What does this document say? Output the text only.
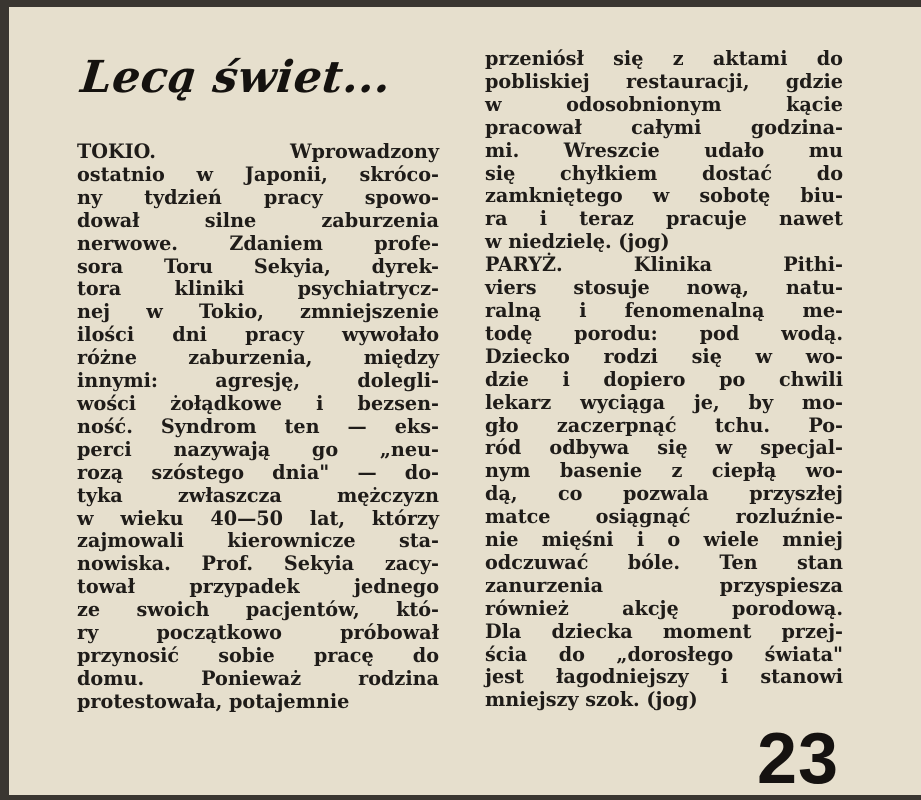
Lecą świet...
TOKIO. Wprowadzony
ostatnio w Japonii, skróco-
ny tydzień pracy spowo-
dował silne zaburzenia
nerwowe. Zdaniem profe-
sora Toru Sekyia, dyrek-
tora kliniki psychiatrycz-
nej w Tokio, zmniejszenie
ilości dni pracy wywołało
różne zaburzenia, między
innymi: agresję, dolegli-
wości żołądkowe i bezsen-
ność. Syndrom ten — eks-
perci nazywają go „neu-
rozą szóstego dnia" — do-
tyka zwłaszcza mężczyzn
w wieku 40—50 lat, którzy
zajmowali kierownicze sta-
nowiska. Prof. Sekyia zacy-
tował przypadek jednego
ze swoich pacjentów, któ-
ry początkowo próbował
przynosić sobie pracę do
domu. Ponieważ rodzina
protestowała, potajemnie
przeniósł się z aktami do
pobliskiej restauracji, gdzie
w odosobnionym kącie
pracował całymi godzina-
mi. Wreszcie udało mu
się chyłkiem dostać do
zamkniętego w sobotę biu-
ra i teraz pracuje nawet
w niedzielę. (jog)
PARYŻ. Klinika Pithi-
viers stosuje nową, natu-
ralną i fenomenalną me-
todę porodu: pod wodą.
Dziecko rodzi się w wo-
dzie i dopiero po chwili
lekarz wyciąga je, by mo-
gło zaczerpnąć tchu. Po-
ród odbywa się w specjal-
nym basenie z ciepłą wo-
dą, co pozwala przyszłej
matce osiągnąć rozluźnie-
nie mięśni i o wiele mniej
odczuwać bóle. Ten stan
zanurzenia przyspiesza
również akcję porodową.
Dla dziecka moment przej-
ścia do „dorosłego świata"
jest łagodniejszy i stanowi
mniejszy szok. (jog)
23
